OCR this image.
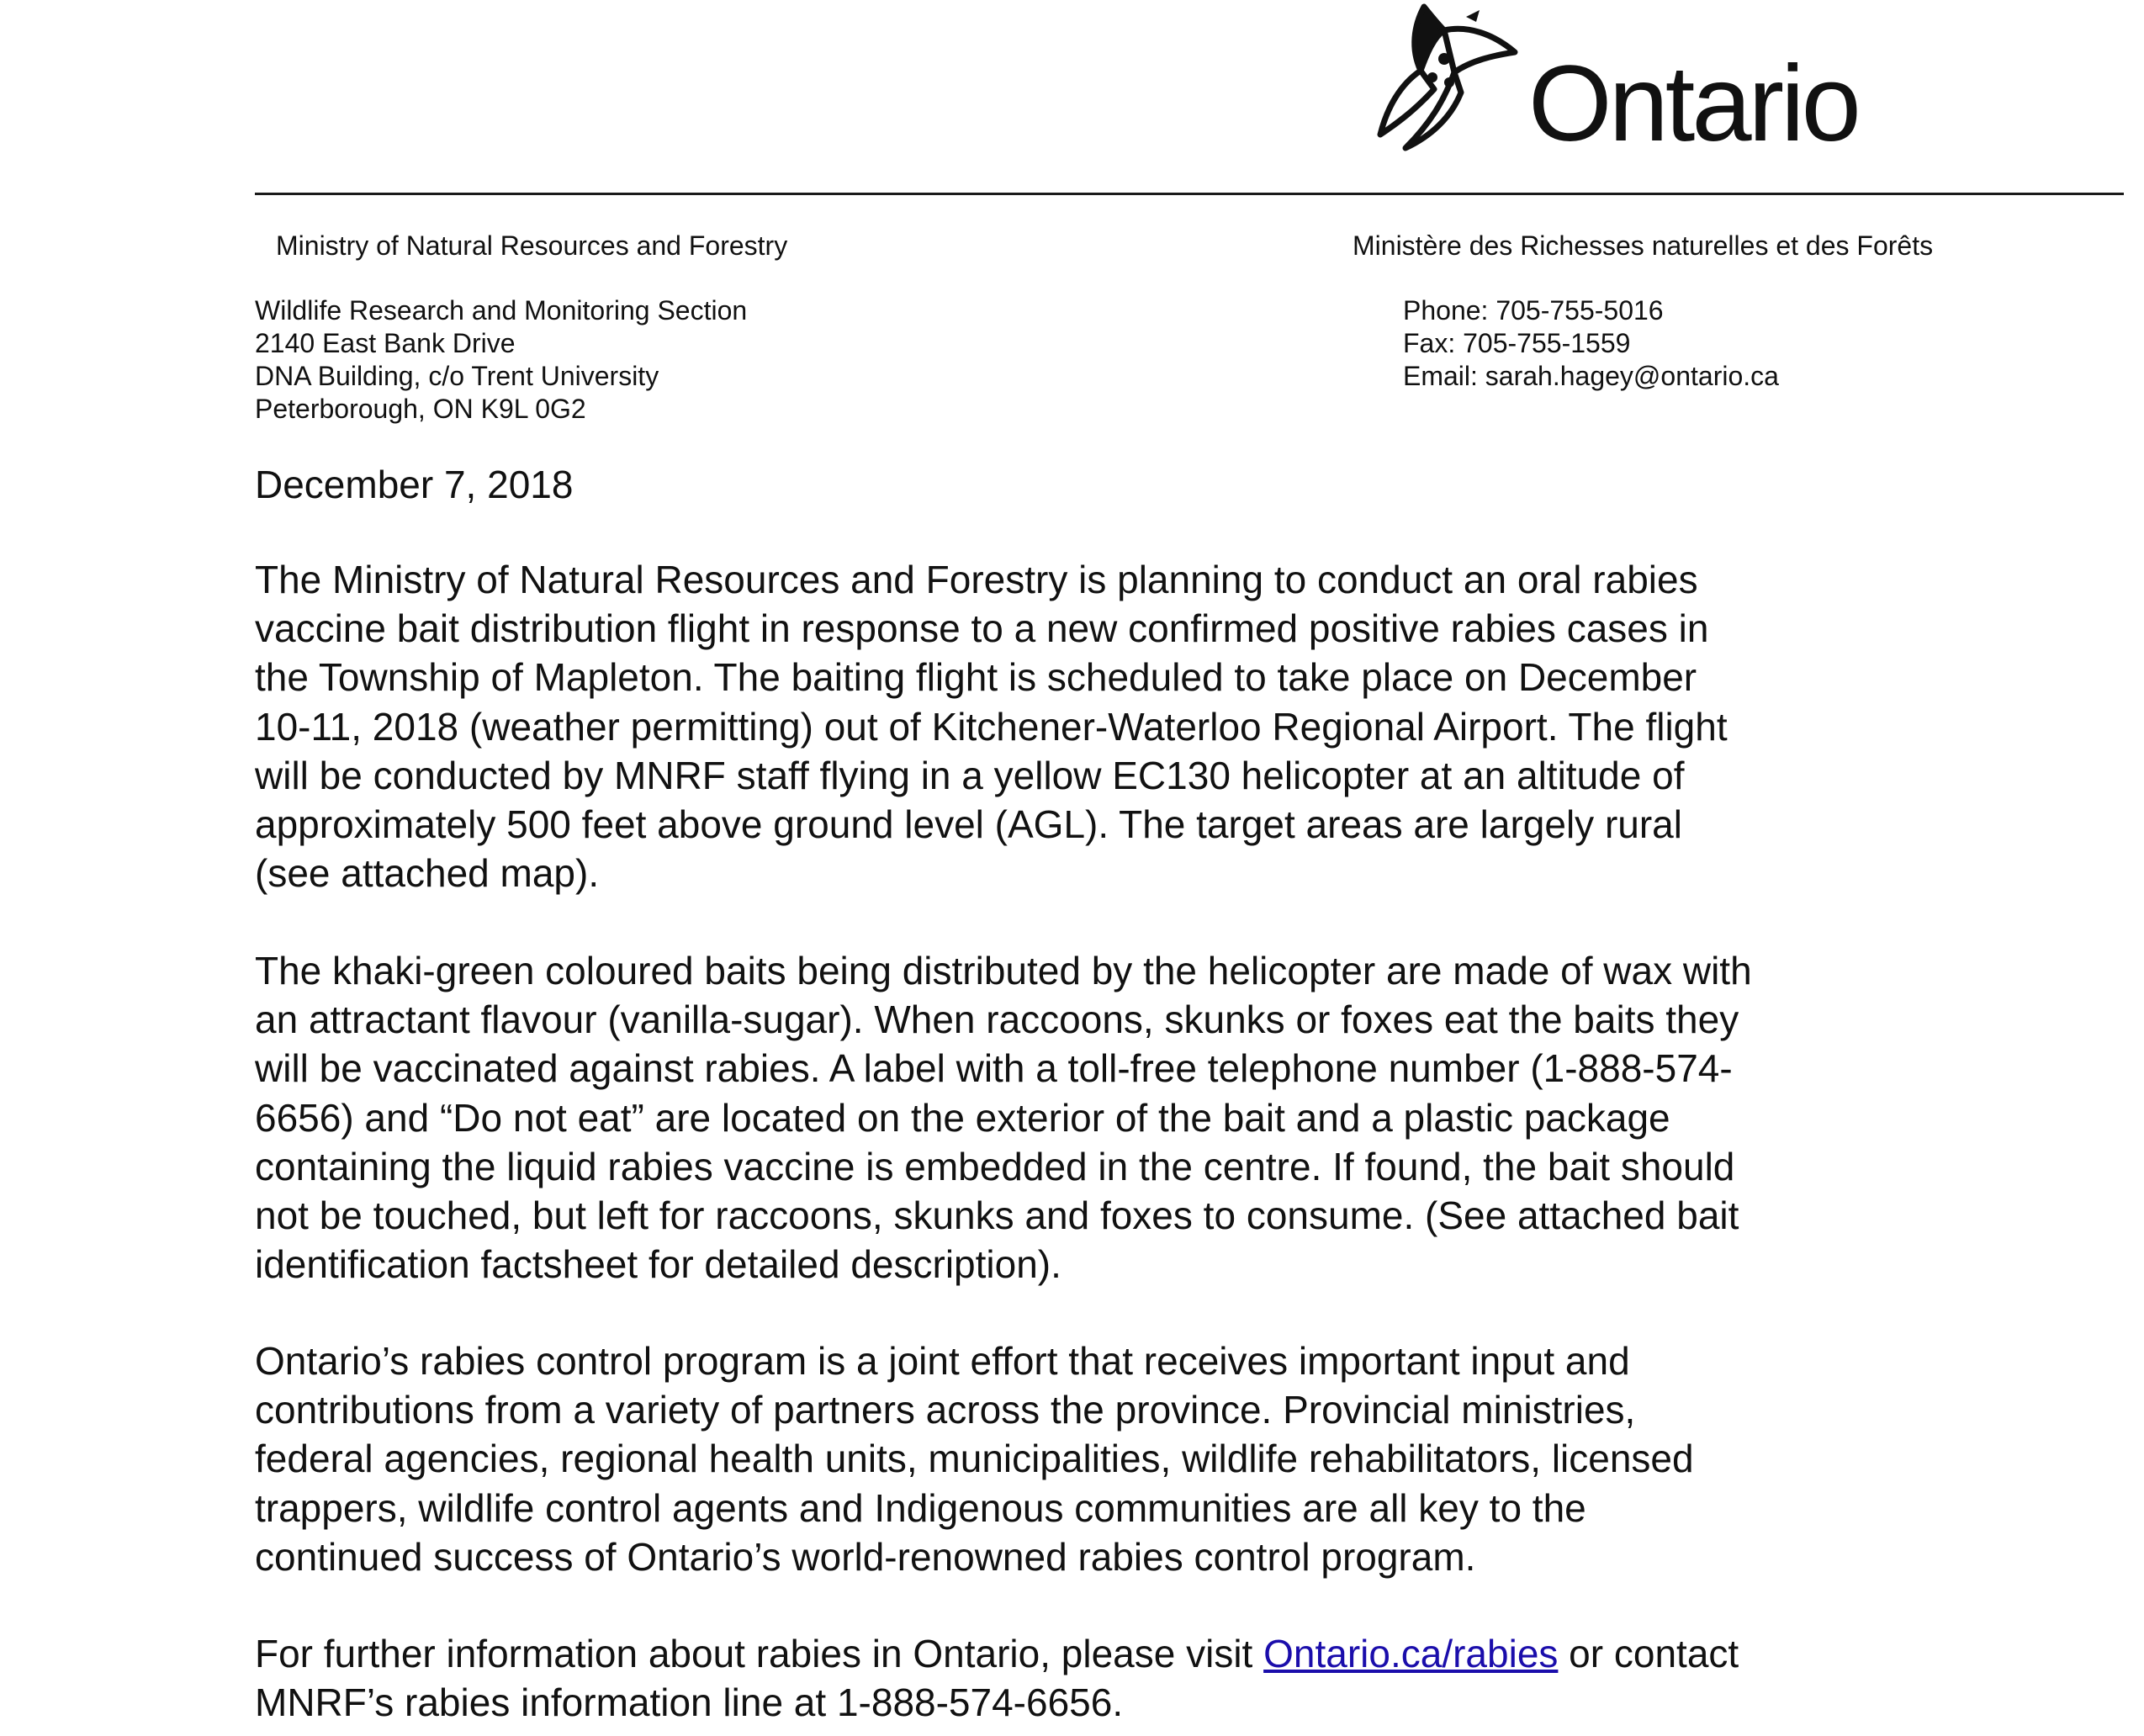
Ontario
Ministry of Natural Resources and Forestry	Ministère des Richesses naturelles et des Forêts
Wildlife Research and Monitoring Section
2140 East Bank Drive
DNA Building, c/o Trent University
Peterborough, ON K9L 0G2
Phone: 705-755-5016
Fax: 705-755-1559
Email: sarah.hagey@ontario.ca
December 7, 2018
The Ministry of Natural Resources and Forestry is planning to conduct an oral rabies
vaccine bait distribution flight in response to a new confirmed positive rabies cases in
the Township of Mapleton. The baiting flight is scheduled to take place on December
10-11, 2018 (weather permitting) out of Kitchener-Waterloo Regional Airport. The flight
will be conducted by MNRF staff flying in a yellow EC130 helicopter at an altitude of
approximately 500 feet above ground level (AGL). The target areas are largely rural
(see attached map).
The khaki-green coloured baits being distributed by the helicopter are made of wax with
an attractant flavour (vanilla-sugar). When raccoons, skunks or foxes eat the baits they
will be vaccinated against rabies. A label with a toll-free telephone number (1-888-574-
6656) and “Do not eat” are located on the exterior of the bait and a plastic package
containing the liquid rabies vaccine is embedded in the centre. If found, the bait should
not be touched, but left for raccoons, skunks and foxes to consume. (See attached bait
identification factsheet for detailed description).
Ontario’s rabies control program is a joint effort that receives important input and
contributions from a variety of partners across the province. Provincial ministries,
federal agencies, regional health units, municipalities, wildlife rehabilitators, licensed
trappers, wildlife control agents and Indigenous communities are all key to the
continued success of Ontario’s world-renowned rabies control program.
For further information about rabies in Ontario, please visit Ontario.ca/rabies or contact
MNRF’s rabies information line at 1-888-574-6656.
